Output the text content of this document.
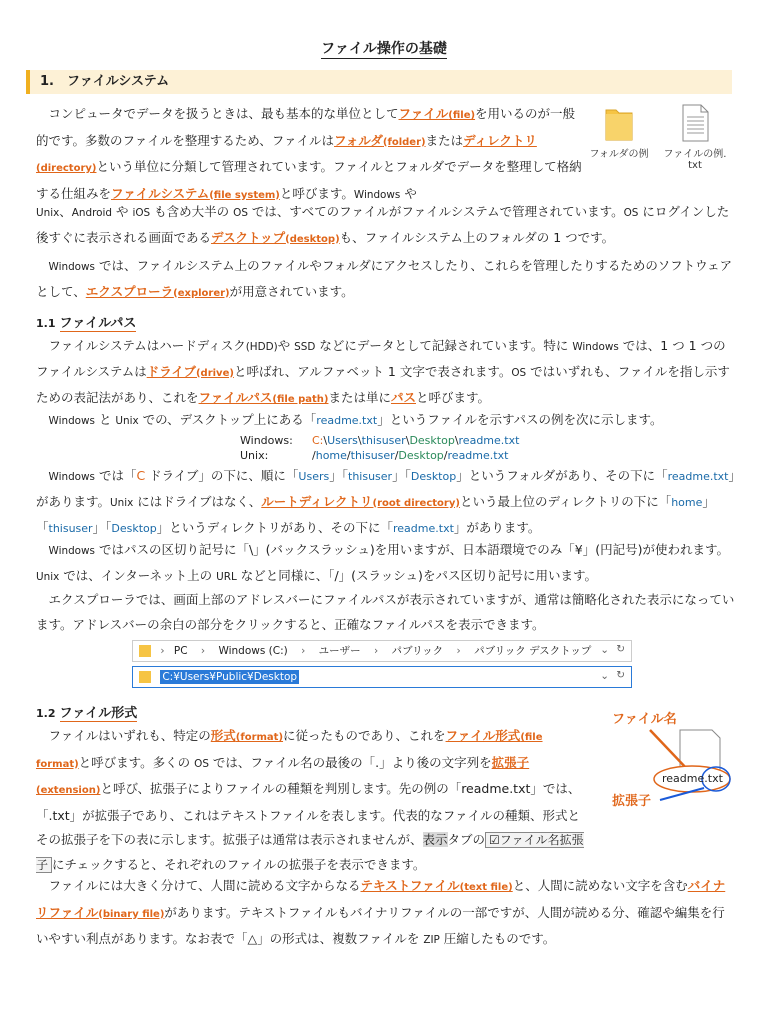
ファイル操作の基礎
1.　ファイルシステム
フォルダの例	ファイルの例.
txt
　コンピュータでデータを扱うときは、最も基本的な単位としてファイル(file)を用いるのが一般的です。多数のファイルを整理するため、ファイルはフォルダ(folder)またはディレクトリ(directory)という単位に分類して管理されています。ファイルとフォルダでデータを整理して格納する仕組みをファイルシステム(file system)と呼びます。Windows や
Unix、Android や iOS も含め大半の OS では、すべてのファイルがファイルシステムで管理されています。OS にログインした後すぐに表示される画面であるデスクトップ(desktop)も、ファイルシステム上のフォルダの 1 つです。
　Windows では、ファイルシステム上のファイルやフォルダにアクセスしたり、これらを管理したりするためのソフトウェアとして、エクスプローラ(explorer)が用意されています。
1.1 ファイルパス
　ファイルシステムはハードディスク(HDD)や SSD などにデータとして記録されています。特に Windows では、1 つ 1 つのファイルシステムはドライブ(drive)と呼ばれ、アルファベット 1 文字で表されます。OS ではいずれも、ファイルを指し示すための表記法があり、これをファイルパス(file path)または単にパスと呼びます。
　Windows と Unix での、デスクトップ上にある「readme.txt」というファイルを示すパスの例を次に示します。
Windows: C:\Users\thisuser\Desktop\readme.txt
Unix:	/home/thisuser/Desktop/readme.txt
　Windows では「C ドライブ」の下に、順に「Users」「thisuser」「Desktop」というフォルダがあり、その下に「readme.txt」があります。Unix にはドライブはなく、ルートディレクトリ(root directory)という最上位のディレクトリの下に「home」「thisuser」「Desktop」というディレクトリがあり、その下に「readme.txt」があります。
　Windows ではパスの区切り記号に「\」(バックスラッシュ)を用いますが、日本語環境でのみ「¥」(円記号)が使われます。Unix では、インターネット上の URL などと同様に、「/」(スラッシュ)をパス区切り記号に用います。
　エクスプローラでは、画面上部のアドレスバーにファイルパスが表示されていますが、通常は簡略化された表示になっています。アドレスバーの余白の部分をクリックすると、正確なファイルパスを表示できます。
› PC › Windows (C:) › ユーザー › パブリック › パブリック デスクトップ ⌄ ↻
C:¥Users¥Public¥Desktop	⌄ ↻
1.2 ファイル形式	ファイル名
拡張子
readme.txt
　ファイルはいずれも、特定の形式(format)に従ったものであり、これをファイル形式(file format)と呼びます。多くの OS では、ファイル名の最後の「.」より後の文字列を拡張子(extension)と呼び、拡張子によりファイルの種類を判別します。先の例の「readme.txt」では、「.txt」が拡張子であり、これはテキストファイルを表します。代表的なファイルの種類、形式とその拡張子を下の表に示します。拡張子は通常は表示されませんが、表示タブの ☑ファイル名拡張子 にチェックすると、それぞれのファイルの拡張子を表示できます。
　ファイルには大きく分けて、人間に読める文字からなるテキストファイル(text file)と、人間に読めない文字を含むバイナリファイル(binary file)があります。テキストファイルもバイナリファイルの一部ですが、人間が読める分、確認や編集を行いやすい利点があります。なお表で「△」の形式は、複数ファイルを ZIP 圧縮したものです。
